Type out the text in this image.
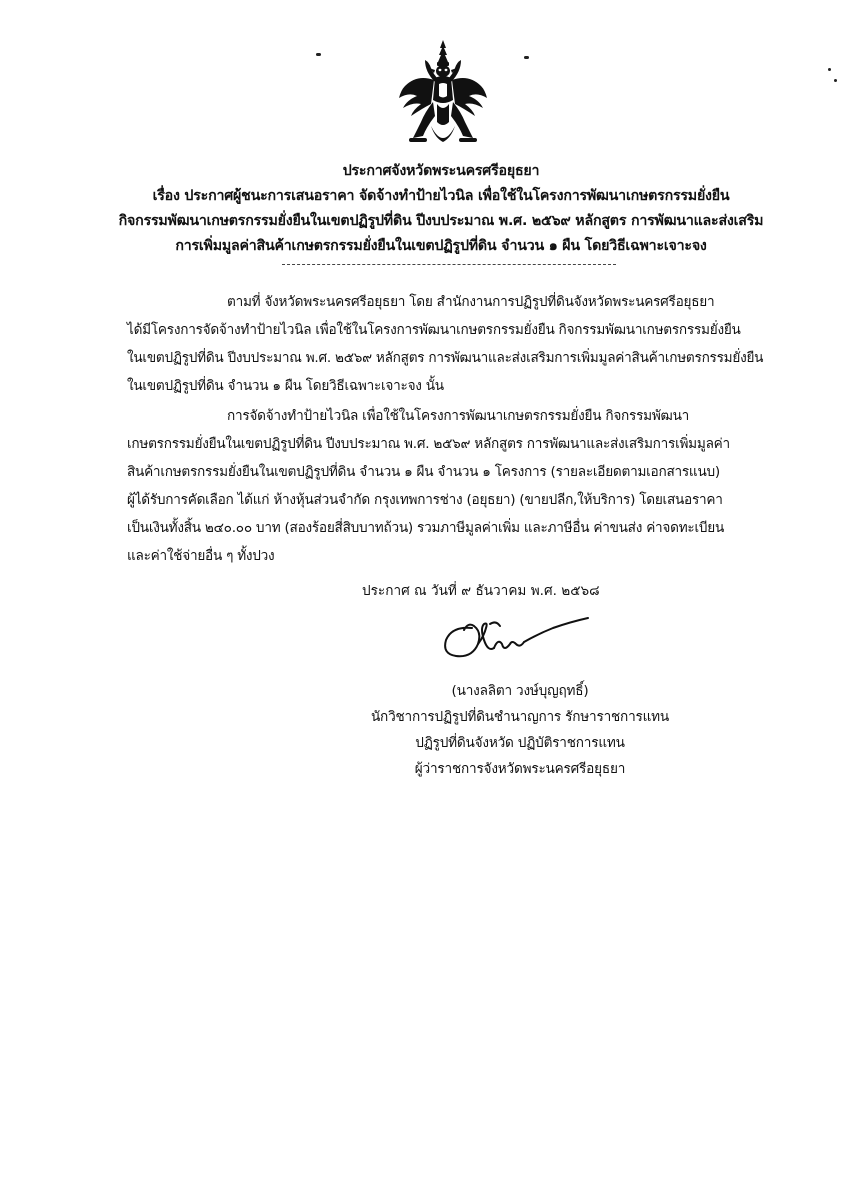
ประกาศจังหวัดพระนครศรีอยุธยา
เรื่อง ประกาศผู้ชนะการเสนอราคา จัดจ้างทำป้ายไวนิล เพื่อใช้ในโครงการพัฒนาเกษตรกรรมยั่งยืน
กิจกรรมพัฒนาเกษตรกรรมยั่งยืนในเขตปฏิรูปที่ดิน ปีงบประมาณ พ.ศ. ๒๕๖๙ หลักสูตร การพัฒนาและส่งเสริม
การเพิ่มมูลค่าสินค้าเกษตรกรรมยั่งยืนในเขตปฏิรูปที่ดิน จำนวน ๑ ผืน โดยวิธีเฉพาะเจาะจง
ตามที่ จังหวัดพระนครศรีอยุธยา โดย สำนักงานการปฏิรูปที่ดินจังหวัดพระนครศรีอยุธยา
ได้มีโครงการจัดจ้างทำป้ายไวนิล เพื่อใช้ในโครงการพัฒนาเกษตรกรรมยั่งยืน กิจกรรมพัฒนาเกษตรกรรมยั่งยืน
ในเขตปฏิรูปที่ดิน ปีงบประมาณ พ.ศ. ๒๕๖๙ หลักสูตร การพัฒนาและส่งเสริมการเพิ่มมูลค่าสินค้าเกษตรกรรมยั่งยืน
ในเขตปฏิรูปที่ดิน จำนวน ๑ ผืน โดยวิธีเฉพาะเจาะจง นั้น
การจัดจ้างทำป้ายไวนิล เพื่อใช้ในโครงการพัฒนาเกษตรกรรมยั่งยืน กิจกรรมพัฒนา
เกษตรกรรมยั่งยืนในเขตปฏิรูปที่ดิน ปีงบประมาณ พ.ศ. ๒๕๖๙ หลักสูตร การพัฒนาและส่งเสริมการเพิ่มมูลค่า
สินค้าเกษตรกรรมยั่งยืนในเขตปฏิรูปที่ดิน จำนวน ๑ ผืน จำนวน ๑ โครงการ (รายละเอียดตามเอกสารแนบ)
ผู้ได้รับการคัดเลือก ได้แก่ ห้างหุ้นส่วนจำกัด กรุงเทพการช่าง (อยุธยา) (ขายปลีก,ให้บริการ) โดยเสนอราคา
เป็นเงินทั้งสิ้น ๒๔๐.๐๐ บาท (สองร้อยสี่สิบบาทถ้วน) รวมภาษีมูลค่าเพิ่ม และภาษีอื่น ค่าขนส่ง ค่าจดทะเบียน
และค่าใช้จ่ายอื่น ๆ ทั้งปวง
ประกาศ ณ วันที่ ๙ ธันวาคม พ.ศ. ๒๕๖๘
(นางลลิตา วงษ์บุญฤทธิ์)
นักวิชาการปฏิรูปที่ดินชำนาญการ รักษาราชการแทน
ปฏิรูปที่ดินจังหวัด ปฏิบัติราชการแทน
ผู้ว่าราชการจังหวัดพระนครศรีอยุธยา
